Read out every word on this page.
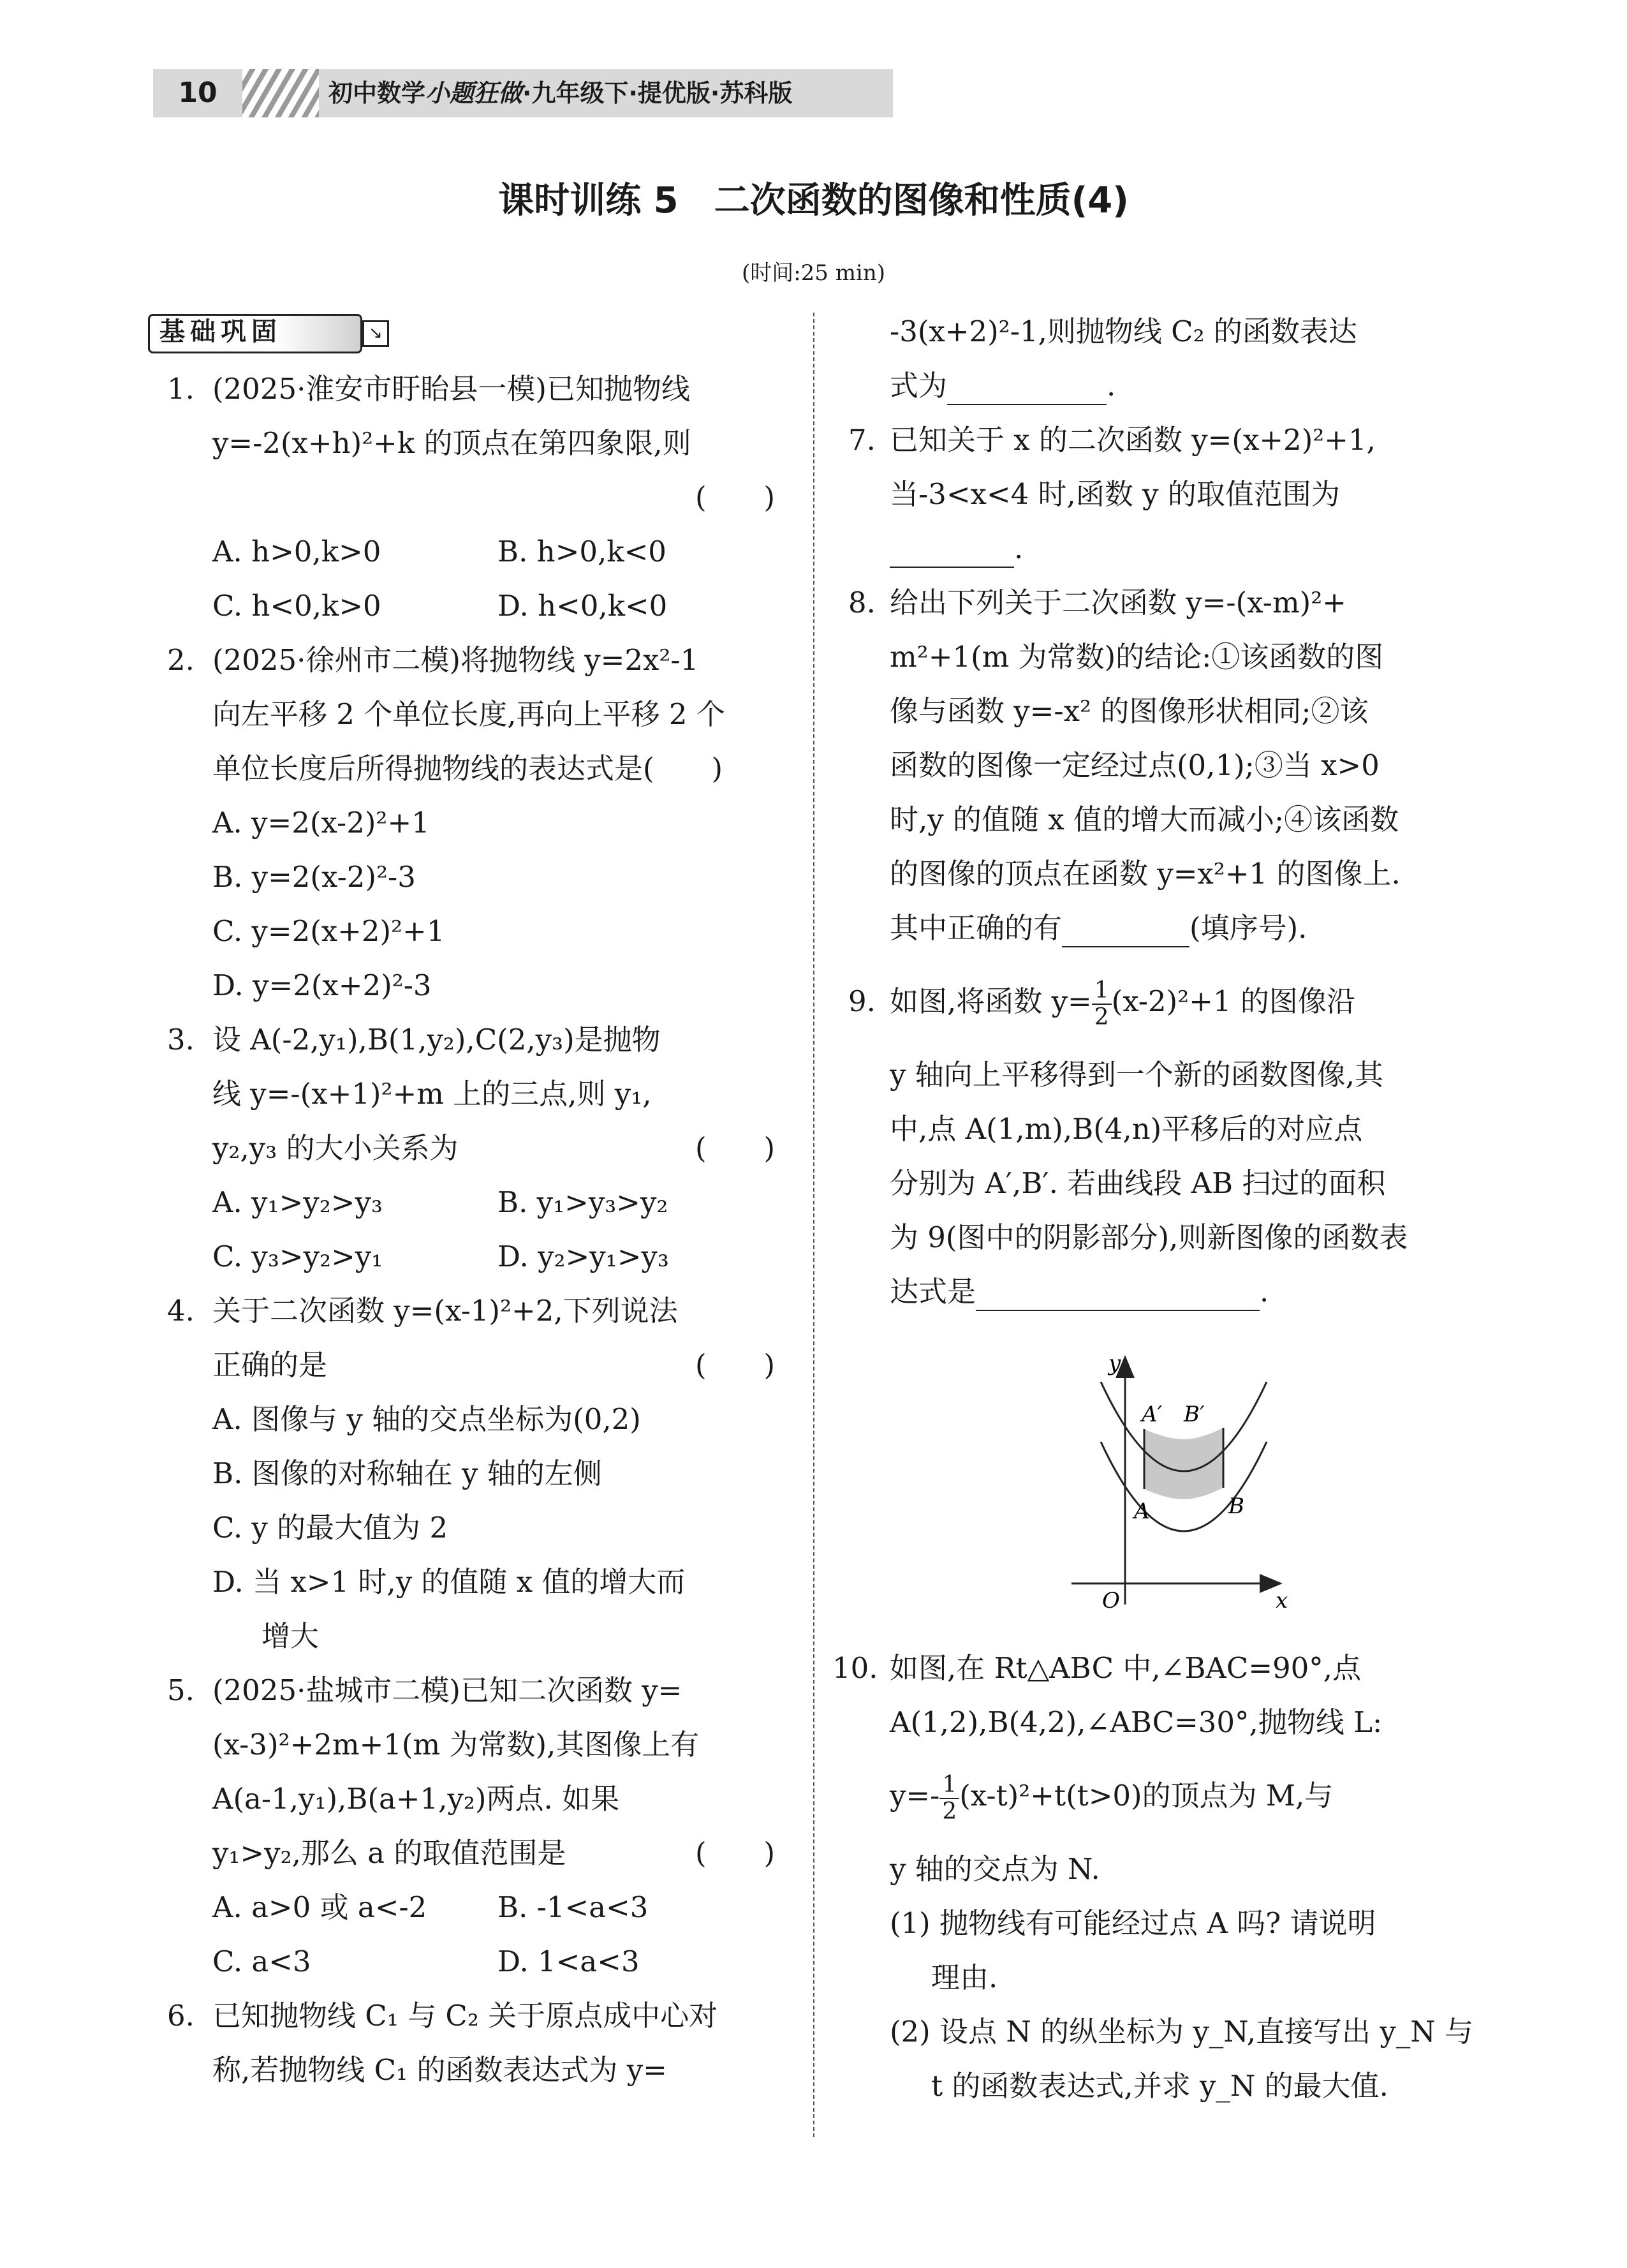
10	初中数学小题狂做·九年级下·提优版·苏科版
课时训练 5　二次函数的图像和性质(4)
(时间:25 min)
基础巩固	↘
1. (2025·淮安市盱眙县一模)已知抛物线
y=-2(x+h)²+k 的顶点在第四象限,则
(　　)
A. h>0,k>0	B. h>0,k<0
C. h<0,k>0	D. h<0,k<0
2. (2025·徐州市二模)将抛物线 y=2x²-1
向左平移 2 个单位长度,再向上平移 2 个
单位长度后所得抛物线的表达式是(　　)
A. y=2(x-2)²+1
B. y=2(x-2)²-3
C. y=2(x+2)²+1
D. y=2(x+2)²-3
3. 设 A(-2,y₁),B(1,y₂),C(2,y₃)是抛物
线 y=-(x+1)²+m 上的三点,则 y₁,
y₂,y₃ 的大小关系为	(　　)
A. y₁>y₂>y₃	B. y₁>y₃>y₂
C. y₃>y₂>y₁	D. y₂>y₁>y₃
4. 关于二次函数 y=(x-1)²+2,下列说法
正确的是	(　　)
A. 图像与 y 轴的交点坐标为(0,2)
B. 图像的对称轴在 y 轴的左侧
C. y 的最大值为 2
D. 当 x>1 时,y 的值随 x 值的增大而
增大
5. (2025·盐城市二模)已知二次函数 y=
(x-3)²+2m+1(m 为常数),其图像上有
A(a-1,y₁),B(a+1,y₂)两点. 如果
y₁>y₂,那么 a 的取值范围是	(　　)
A. a>0 或 a<-2 B. -1<a<3
C. a<3	D. 1<a<3
6. 已知抛物线 C₁ 与 C₂ 关于原点成中心对
称,若抛物线 C₁ 的函数表达式为 y=
-3(x+2)²-1,则抛物线 C₂ 的函数表达
式为	.
7. 已知关于 x 的二次函数 y=(x+2)²+1,
当-3<x<4 时,函数 y 的取值范围为
.
8. 给出下列关于二次函数 y=-(x-m)²+
m²+1(m 为常数)的结论:①该函数的图
像与函数 y=-x² 的图像形状相同;②该
函数的图像一定经过点(0,1);③当 x>0
时,y 的值随 x 值的增大而减小;④该函数
的图像的顶点在函数 y=x²+1 的图像上.
其中正确的有	(填序号).
9. 如图,将函数 $y= \frac{1}{2} (x-2)^2+1$ 的图像沿
y 轴向上平移得到一个新的函数图像,其
中,点 A(1,m),B(4,n)平移后的对应点
分别为 A′,B′. 若曲线段 AB 扫过的面积
为 9(图中的阴影部分),则新图像的函数表
达式是	.
y
x
O
A	B
A′ B′
10. 如图,在 Rt△ABC 中,∠BAC=90°,点
A(1,2),B(4,2),∠ABC=30°,抛物线 L:
$y=- \frac{1}{2} (x-t)^2+t(t>0)$的顶点为 M,与
y 轴的交点为 N.
(1) 抛物线有可能经过点 A 吗? 请说明
理由.
(2) 设点 N 的纵坐标为 y_N,直接写出 y_N 与
t 的函数表达式,并求 y_N 的最大值.
